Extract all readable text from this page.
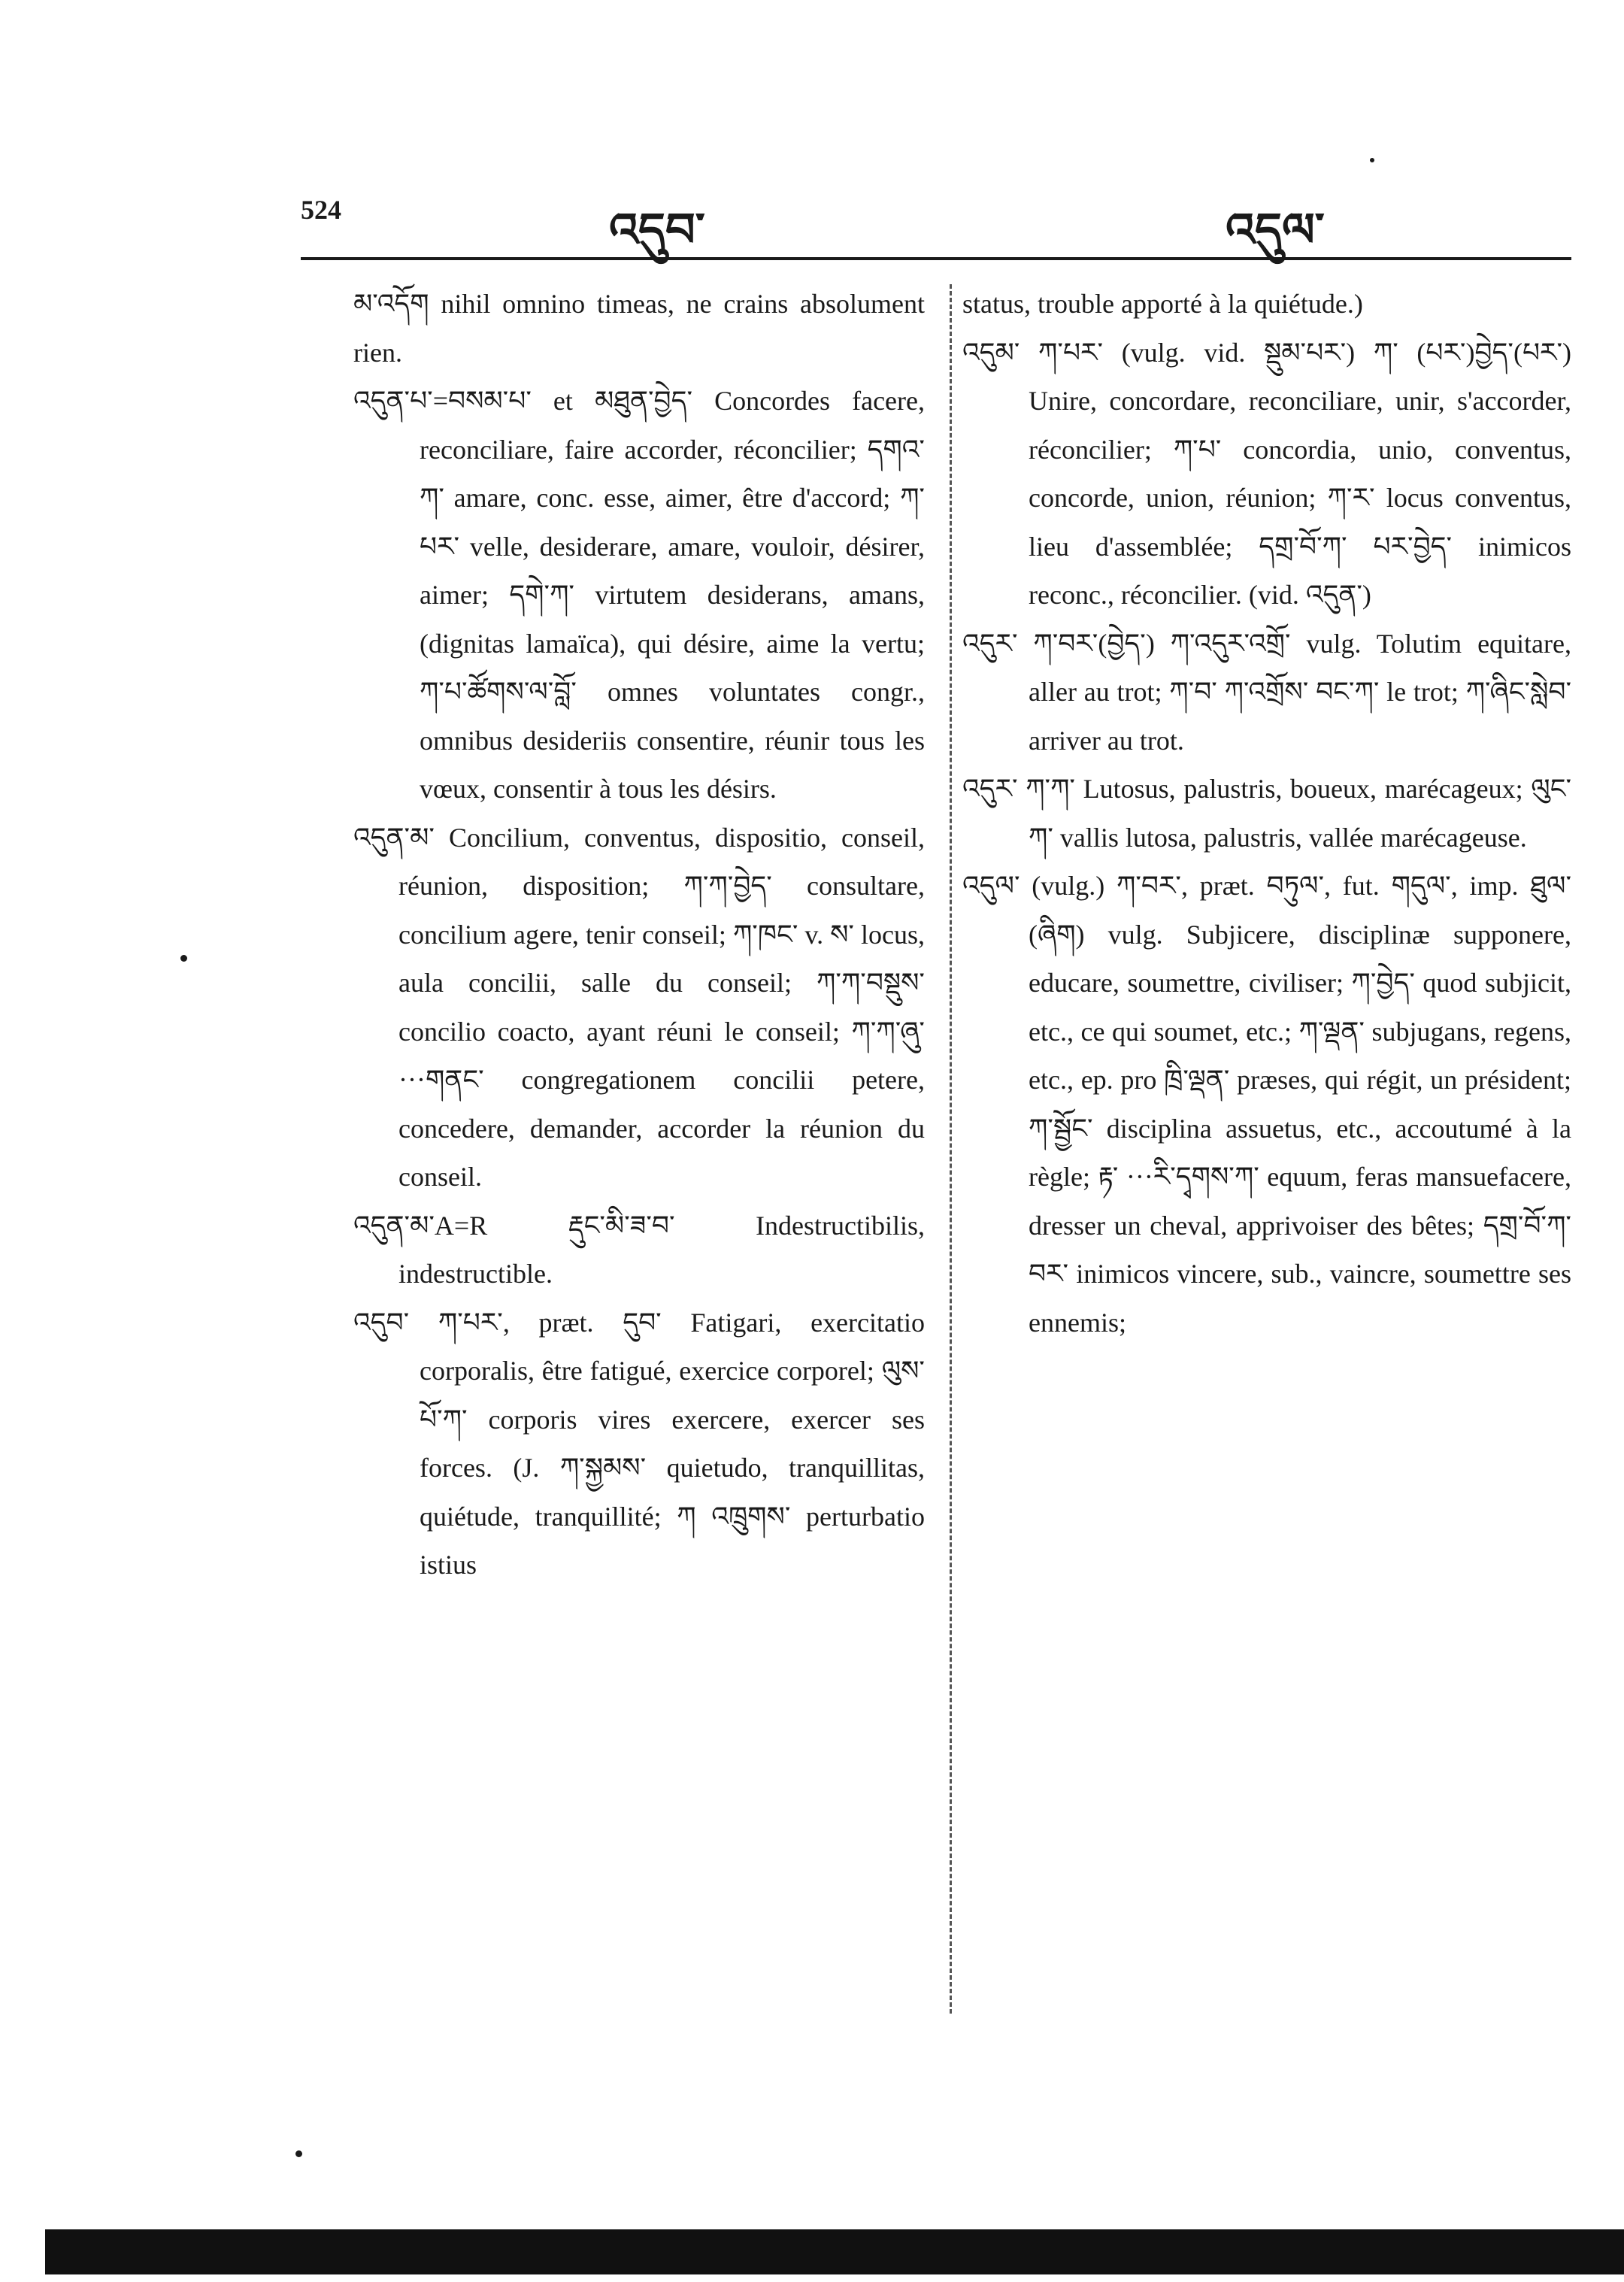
524	འདུབ་	འདུལ་

མ་འདོག nihil omnino timeas, ne crains absolument rien.

འདུན་པ་=བསམ་པ་ et མཐུན་བྱེད་ Concordes facere, reconciliare, faire accorder, réconcilier; དགའ་ཀ་ amare, conc. esse, aimer, être d'accord; ཀ་པར་ velle, desiderare, amare, vouloir, désirer, aimer; དགེ་ཀ་ virtutem desiderans, amans, (dignitas lamaïca), qui désire, aime la vertu; ཀ་པ་ཚོགས་ལ་བློ་ omnes voluntates congr., omnibus desideriis consentire, réunir tous les vœux, consentir à tous les désirs.

འདུན་མ་ Concilium, conventus, dispositio, conseil, réunion, disposition; ཀ་ཀ་བྱེད་ consultare, concilium agere, tenir conseil; ཀ་ཁང་ v. ས་ locus, aula concilii, salle du conseil; ཀ་ཀ་བསྡུས་ concilio coacto, ayant réuni le conseil; ཀ་ཀ་ཞུ་···གནང་ congregationem concilii petere, concedere, demander, accorder la réunion du conseil.

འདུན་མ་A=R རྡུང་མི་ཟ་བ་ Indestructibilis, indestructible.

འདུབ་ ཀ་པར་, præt. དུབ་ Fatigari, exercitatio corporalis, être fatigué, exercice corporel; ལུས་པོ་ཀ་ corporis vires exercere, exercer ses forces. (J. ཀ་སྐྱམས་ quietudo, tranquillitas, quiétude, tranquillité; ཀ འཁྲུགས་ perturbatio istius

status, trouble apporté à la quiétude.)

འདུམ་ ཀ་པར་ (vulg. vid. སྡུམ་པར་) ཀ་ (པར་)བྱེད་(པར་) Unire, concordare, reconciliare, unir, s'accorder, réconcilier; ཀ་པ་ concordia, unio, conventus, concorde, union, réunion; ཀ་ར་ locus conventus, lieu d'assemblée; དགྲ་བོ་ཀ་ པར་བྱེད་ inimicos reconc., réconcilier. (vid. འདུན་)

འདུར་ ཀ་བར་(བྱེད་) ཀ་འདུར་འགྲོ་ vulg. Tolutim equitare, aller au trot; ཀ་བ་ ཀ་འགྲོས་ བང་ཀ་ le trot; ཀ་ཞིང་སླེབ་ arriver au trot.

འདུར་ ཀ་ཀ་ Lutosus, palustris, boueux, marécageux; ལུང་ཀ་ vallis lutosa, palustris, vallée marécageuse.

འདུལ་ (vulg.) ཀ་བར་, præt. བཏུལ་, fut. གདུལ་, imp. ཐུལ་(ཞིག) vulg. Subjicere, disciplinæ supponere, educare, soumettre, civiliser; ཀ་བྱེད་ quod subjicit, etc., ce qui soumet, etc.; ཀ་ལྡན་ subjugans, regens, etc., ep. pro ཁྲི་ལྡན་ præses, qui régit, un président; ཀ་སྦྱོང་ disciplina assuetus, etc., accoutumé à la règle; རྟ་ ···རི་དྭགས་ཀ་ equum, feras mansuefacere, dresser un cheval, apprivoiser des bêtes; དགྲ་བོ་ཀ་བར་ inimicos vincere, sub., vaincre, soumettre ses ennemis;
